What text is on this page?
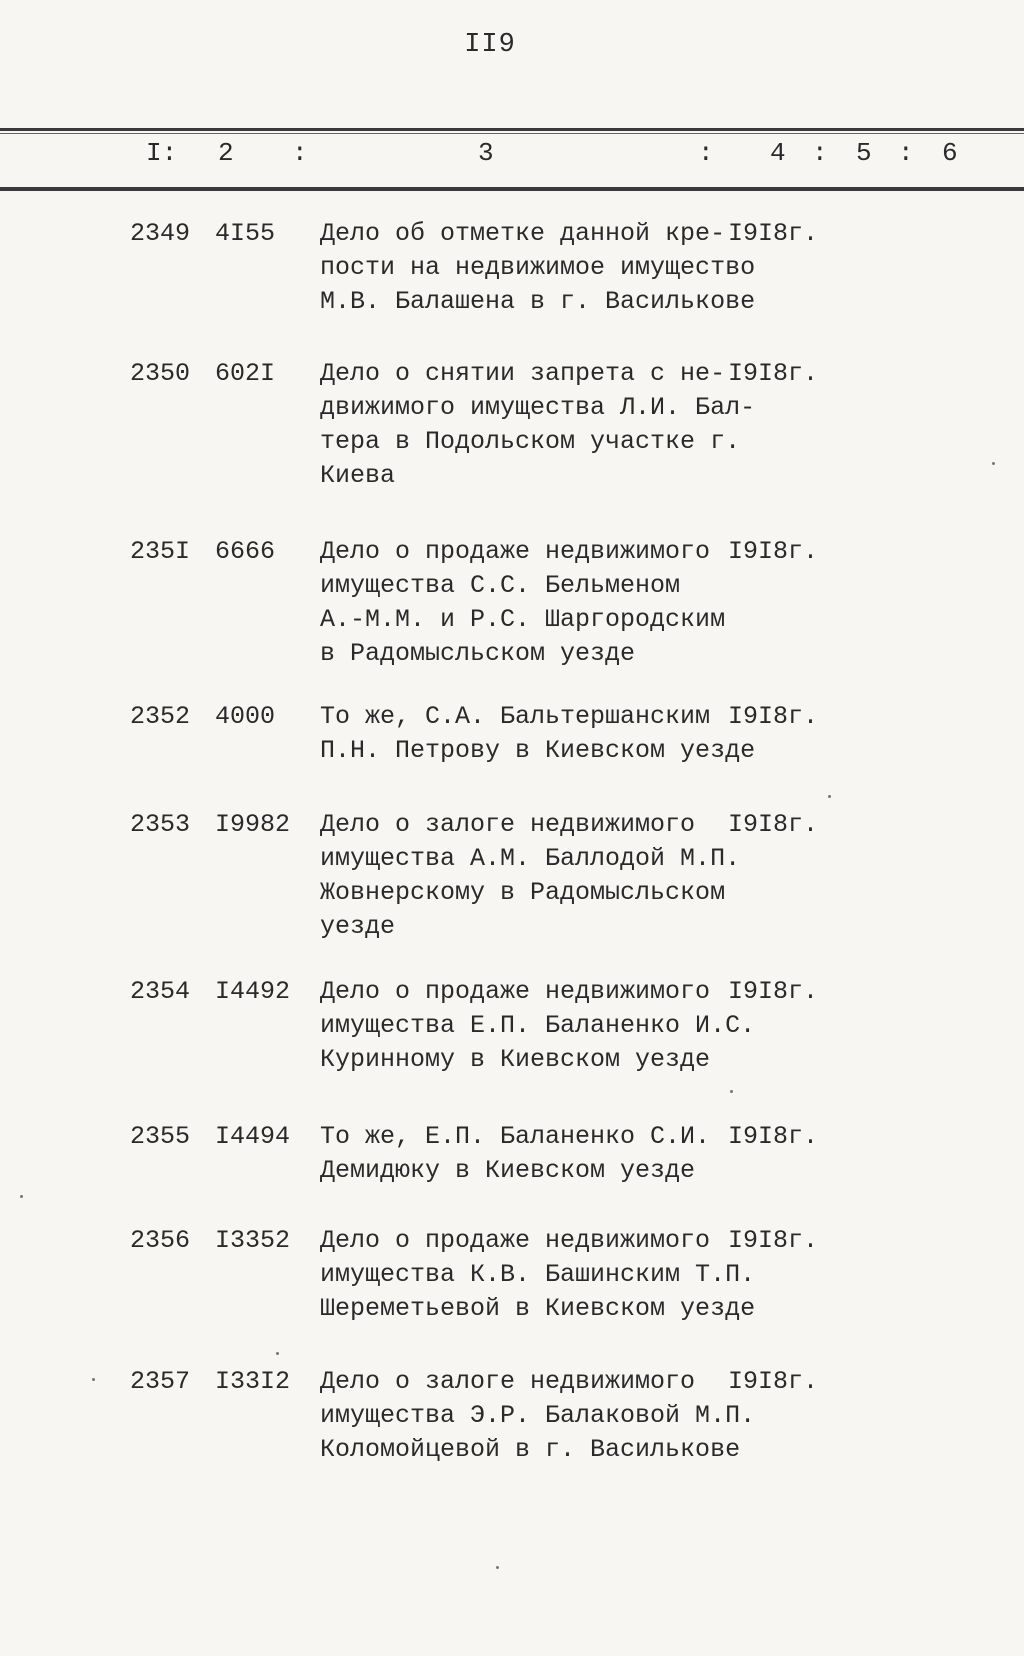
II9
I: 2 :	3	: 4 : 5 : 6
2349 4I55	Дело об отметке данной кре-
пости на недвижимое имущество
М.В. Балашена в г. Василькове
I9I8г.
2350 602I	Дело о снятии запрета с не-
движимого имущества Л.И. Бал-
тера в Подольском участке г.
Киева
I9I8г.
235I 6666	Дело о продаже недвижимого
имущества С.С. Бельменом
А.-М.М. и Р.С. Шаргородским
в Радомысльском уезде
I9I8г.
2352 4000	То же, С.А. Бальтершанским
П.Н. Петрову в Киевском уезде
I9I8г.
2353 I9982	Дело о залоге недвижимого
имущества А.М. Баллодой М.П.
Жовнерскому в Радомысльском
уезде
I9I8г.
2354 I4492	Дело о продаже недвижимого
имущества Е.П. Баланенко И.С.
Куринному в Киевском уезде
I9I8г.
2355 I4494	То же, Е.П. Баланенко С.И.
Демидюку в Киевском уезде
I9I8г.
2356 I3352	Дело о продаже недвижимого
имущества К.В. Башинским Т.П.
Шереметьевой в Киевском уезде
I9I8г.
2357 I33I2	Дело о залоге недвижимого
имущества Э.Р. Балаковой М.П.
Коломойцевой в г. Василькове
I9I8г.
